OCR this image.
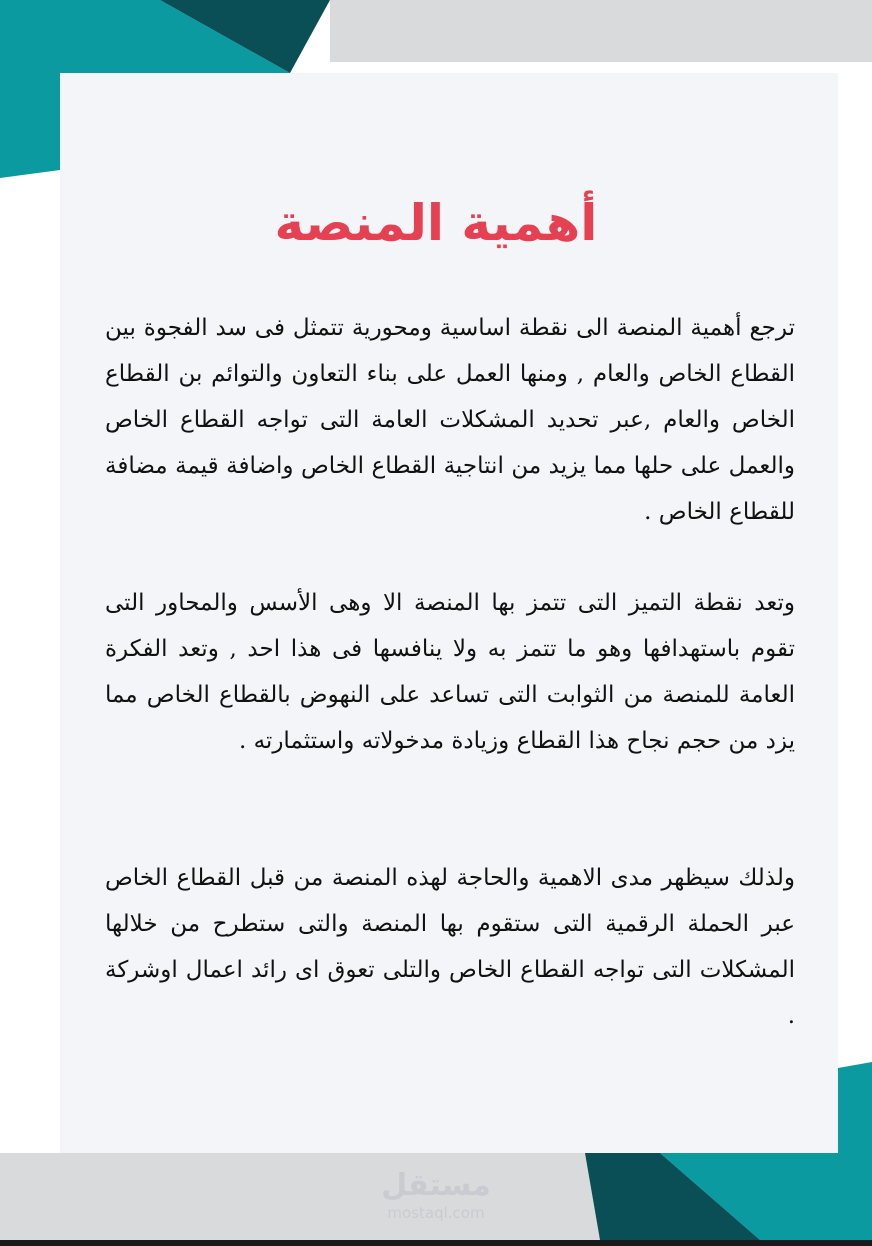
أهمية المنصة

ترجع أهمية المنصة الى نقطة اساسية ومحورية تتمثل فى سد الفجوة بين القطاع الخاص والعام , ومنها العمل على بناء التعاون والتوائم بن القطاع الخاص والعام ,عبر تحديد المشكلات العامة التى تواجه القطاع الخاص والعمل على حلها مما يزيد من انتاجية القطاع الخاص واضافة قيمة مضافة للقطاع الخاص .

وتعد نقطة التميز التى تتمز بها المنصة الا وهى الأسس والمحاور التى تقوم باستهدافها وهو ما تتمز به ولا ينافسها فى هذا احد , وتعد الفكرة العامة للمنصة من الثوابت التى تساعد على النهوض بالقطاع الخاص مما يزد من حجم نجاح هذا القطاع وزيادة مدخولاته واستثمارته .

ولذلك سيظهر مدى الاهمية والحاجة لهذه المنصة من قبل القطاع الخاص عبر الحملة الرقمية التى ستقوم بها المنصة والتى ستطرح من خلالها المشكلات التى تواجه القطاع الخاص والتلى تعوق اى رائد اعمال اوشركة .

مستقل
mostaql.com
